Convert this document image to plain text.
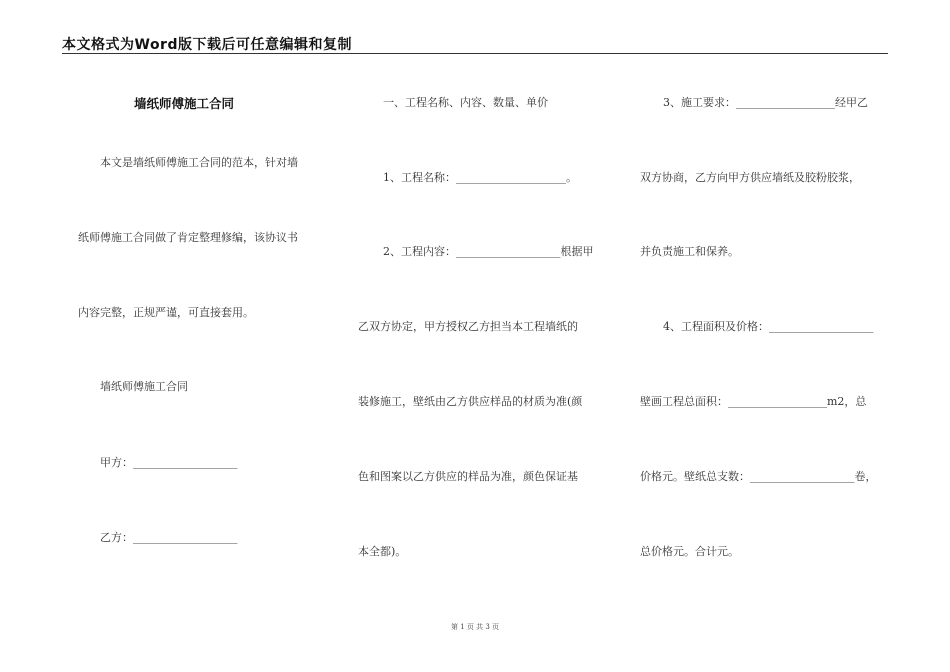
本文格式为Word版下载后可任意编辑和复制
墙纸师傅施工合同
本文是墙纸师傅施工合同的范本，针对墙
纸师傅施工合同做了肯定整理修编，该协议书
内容完整，正规严谨，可直接套用。
墙纸师傅施工合同
甲方：___________________
乙方：___________________
一、工程名称、内容、数量、单价
1、工程名称：____________________。
2、工程内容：___________________根据甲
乙双方协定，甲方授权乙方担当本工程墙纸的
装修施工，壁纸由乙方供应样品的材质为准(颜
色和图案以乙方供应的样品为准，颜色保证基
本全都)。
3、施工要求：__________________经甲乙
双方协商，乙方向甲方供应墙纸及胶粉胶浆，
并负责施工和保养。
4、工程面积及价格：___________________
壁画工程总面积：__________________m2，总
价格元。壁纸总支数：___________________卷，
总价格元。合计元。
第 1 页 共 3 页
